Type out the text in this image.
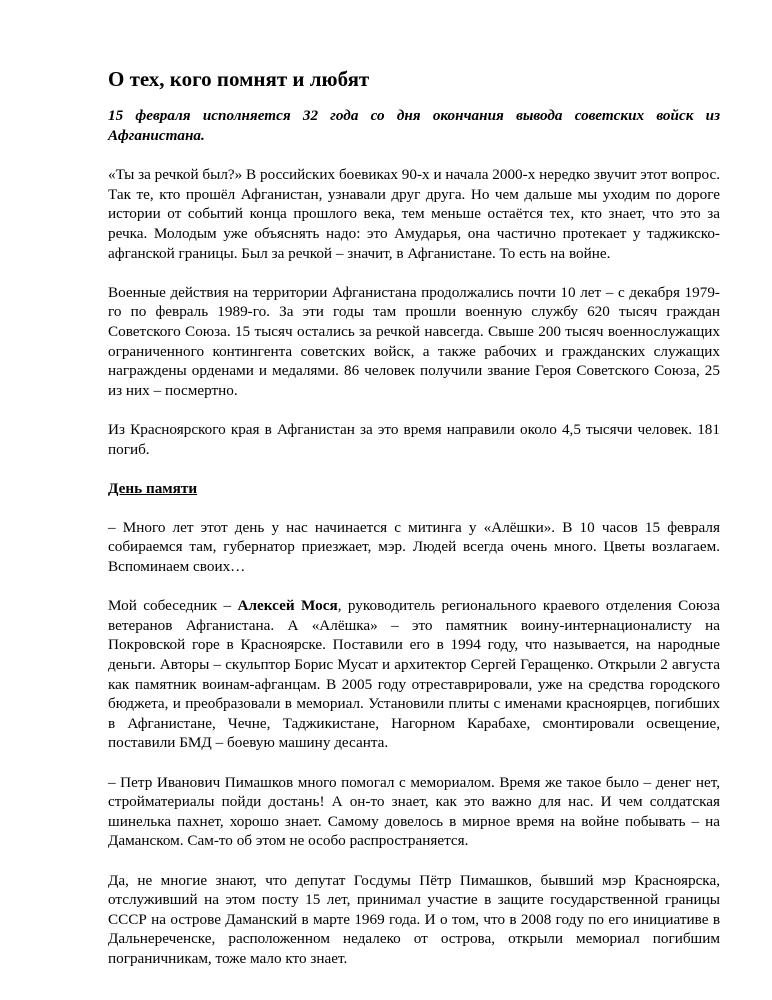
О тех, кого помнят и любят

15 февраля исполняется 32 года со дня окончания вывода советских войск из Афганистана.

«Ты за речкой был?» В российских боевиках 90-х и начала 2000-х нередко звучит этот вопрос. Так те, кто прошёл Афганистан, узнавали друг друга. Но чем дальше мы уходим по дороге истории от событий конца прошлого века, тем меньше остаётся тех, кто знает, что это за речка. Молодым уже объяснять надо: это Амударья, она частично протекает у таджикско-афганской границы. Был за речкой – значит, в Афганистане. То есть на войне.

Военные действия на территории Афганистана продолжались почти 10 лет – с декабря 1979-го по февраль 1989-го. За эти годы там прошли военную службу 620 тысяч граждан Советского Союза. 15 тысяч остались за речкой навсегда. Свыше 200 тысяч военнослужащих ограниченного контингента советских войск, а также рабочих и гражданских служащих награждены орденами и медалями. 86 человек получили звание Героя Советского Союза, 25 из них – посмертно.

Из Красноярского края в Афганистан за это время направили около 4,5 тысячи человек. 181 погиб.

День памяти

– Много лет этот день у нас начинается с митинга у «Алёшки». В 10 часов 15 февраля собираемся там, губернатор приезжает, мэр. Людей всегда очень много. Цветы возлагаем. Вспоминаем своих…

Мой собеседник – Алексей Мося, руководитель регионального краевого отделения Союза ветеранов Афганистана. А «Алёшка» – это памятник воину-интернационалисту на Покровской горе в Красноярске. Поставили его в 1994 году, что называется, на народные деньги. Авторы – скульптор Борис Мусат и архитектор Сергей Геращенко. Открыли 2 августа как памятник воинам-афганцам. В 2005 году отреставрировали, уже на средства городского бюджета, и преобразовали в мемориал. Установили плиты с именами красноярцев, погибших в Афганистане, Чечне, Таджикистане, Нагорном Карабахе, смонтировали освещение, поставили БМД – боевую машину десанта.

– Петр Иванович Пимашков много помогал с мемориалом. Время же такое было – денег нет, стройматериалы пойди достань! А он-то знает, как это важно для нас. И чем солдатская шинелька пахнет, хорошо знает. Самому довелось в мирное время на войне побывать – на Даманском. Сам-то об этом не особо распространяется.

Да, не многие знают, что депутат Госдумы Пётр Пимашков, бывший мэр Красноярска, отслуживший на этом посту 15 лет, принимал участие в защите государственной границы СССР на острове Даманский в марте 1969 года. И о том, что в 2008 году по его инициативе в Дальнереченске, расположенном недалеко от острова, открыли мемориал погибшим пограничникам, тоже мало кто знает.
